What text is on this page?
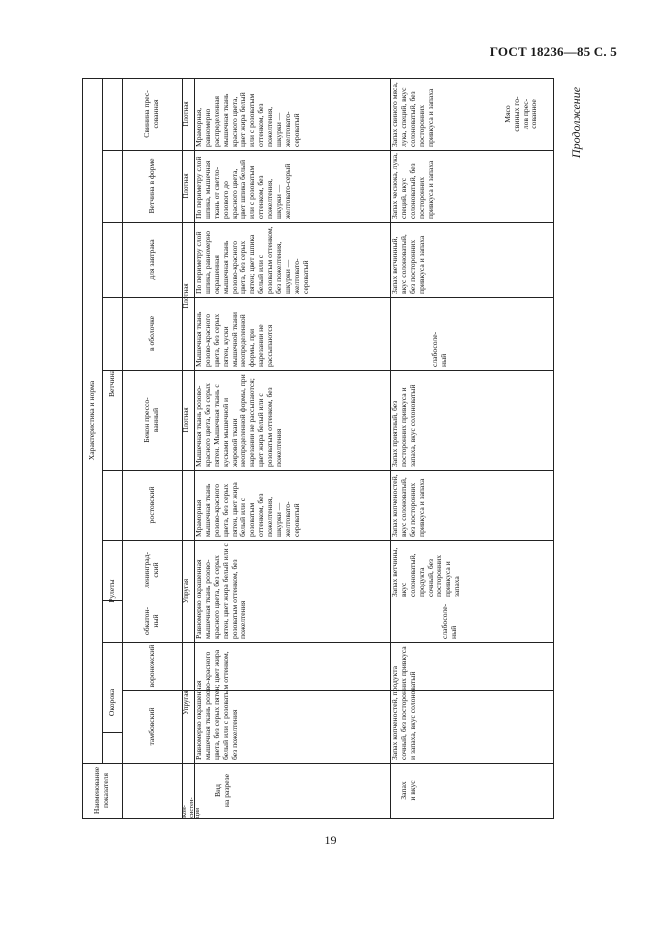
ГОСТ 18236—85 С. 5
Продолжение
Наименование
показателя
Характеристика и норма
Окорока
Рулеты
Ветчина
тамбовский
воронежский
обкатон-
ный
ленинград-
ский
ростовский
Бекон прессо-
ванный
в оболочке
для завтрака
Ветчина в форме
Свинина прес-
сованная
Кон-
систен-
ция
Вид
на разрезе	Запах
и вкус
Мясо
свиных го-
лов прес-
сованное
Упругая
Упругая
Плотная
Плотная
Плотная
Плотная
Равномерно окрашенная мышечная ткань розово-красного цвета, без серых пятен; цвет жира белый или с розоватым оттенком, без пожелтения
Равномерно окрашенная мышечная ткань розово-красного цвета, без серых пятен, цвет жира белый или с розоватым оттенком, без пожелтения
Мраморная мышечная ткань розово-красного цвета, без серых пятен, цвет жира белый или с розоватым оттенком, без пожелтения, шкурки — желтовато-сероватый
Мышечная ткань розово-красного цвета, без серых пятен. Мышечная ткань с кусками мышечной и жировой ткани неопределенной формы, при нарезании не рассыпаются; цвет жира белый или с розоватым оттенком, без пожелтения
Мышечная ткань розово-красного цвета, без серых пятен, куски мышечной ткани неопределенной формы, при нарезании не рассыпаются
По периметру слой шпика, равномерно окрашенная мышечная ткань розово-красного цвета, без серых пятен; цвет шпика белый или с розоватым оттенком, без пожелтения, шкурки — желтовато-сероватый
По периметру слой шпика, мышечная ткань от светло-розового до красного цвета, цвет шпика белый или с розоватым оттенком, без пожелтения, шкурки — желтовато-серый
Мраморная, равномерно распределенная мышечная ткань красного цвета, цвет жира белый или с розоватым оттенком, без пожелтения, шкурки — желтовато-сероватый
Запах копченостей, продукта сочный, без посторонних привкуса и запаха, вкус солоноватый
слабосоле-
ный
Запах ветчины, вкус солоноватый, продукта сочный, без посторонних привкуса и запаха
Запах копченостей, вкус солоноватый, без посторонних привкуса и запаха
Запах приятный, без посторонних привкуса и запаха, вкус солоноватый
слабосоле-
ный
Запах ветчинный, вкус солоноватый, без посторонних привкуса и запаха
Запах чеснока, лука, специй, вкус солоноватый, без посторонних привкуса и запаха
Запах свиного мяса, лука, специй, вкус солоноватый, без посторонних привкуса и запаха
19
